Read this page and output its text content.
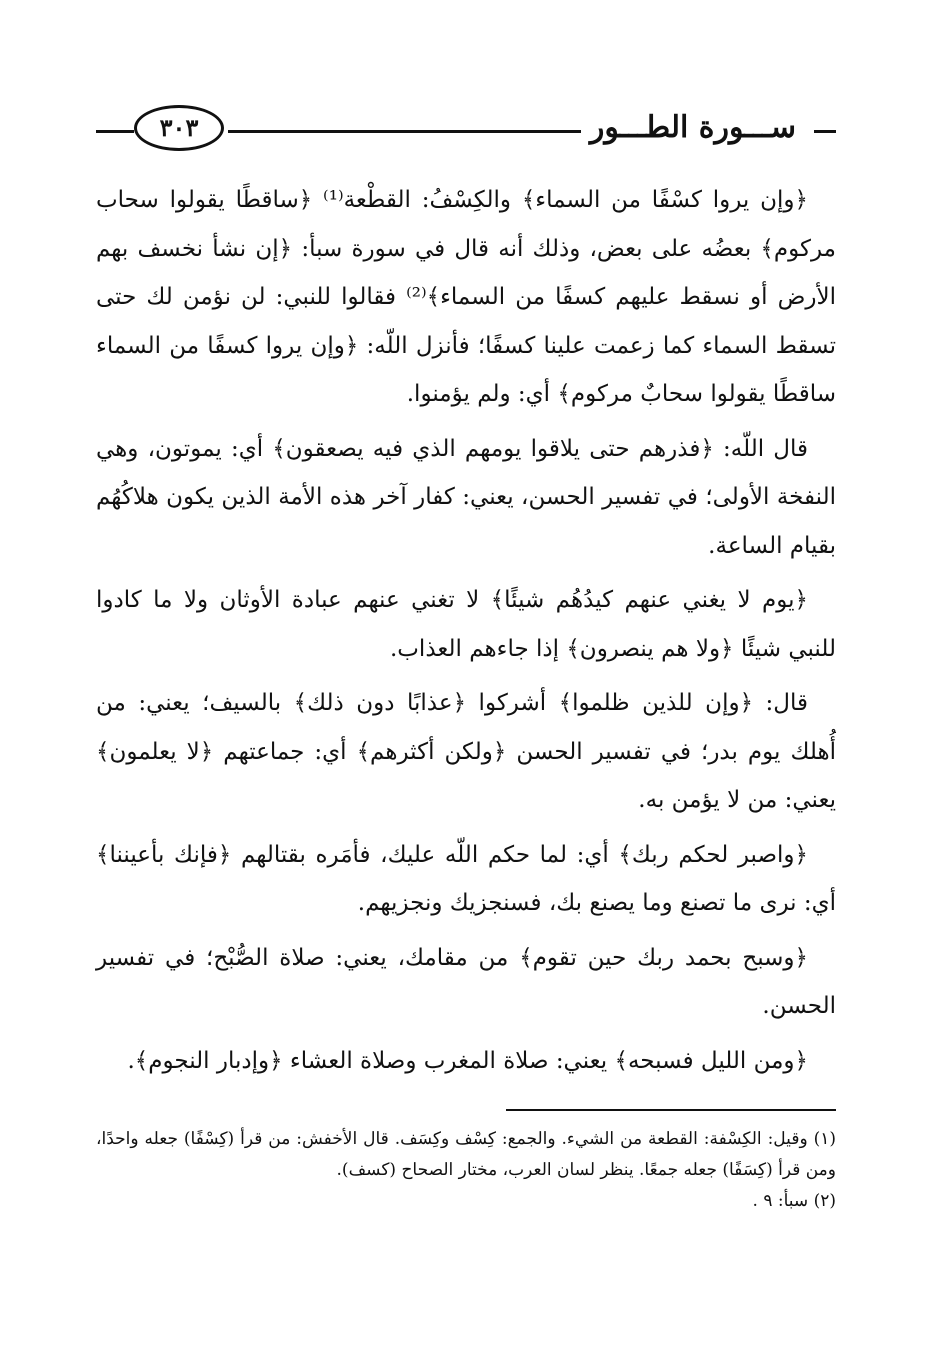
ســـورة الطـــور
٣٠٣

﴿وإن يروا كسْفًا من السماء﴾ والكِسْفُ: القطْعة⁽¹⁾ ﴿ساقطًا يقولوا سحاب مركوم﴾ بعضُه على بعض، وذلك أنه قال في سورة سبأ: ﴿إن نشأ نخسف بهم الأرض أو نسقط عليهم كسفًا من السماء﴾⁽²⁾ فقالوا للنبي: لن نؤمن لك حتى تسقط السماء كما زعمت علينا كسفًا؛ فأنزل اللّه: ﴿وإن يروا كسفًا من السماء ساقطًا يقولوا سحابٌ مركوم﴾ أي: ولم يؤمنوا.

قال اللّه: ﴿فذرهم حتى يلاقوا يومهم الذي فيه يصعقون﴾ أي: يموتون، وهي النفخة الأولى؛ في تفسير الحسن، يعني: كفار آخر هذه الأمة الذين يكون هلاكُهُم بقيام الساعة.

﴿يوم لا يغني عنهم كيدُهُم شيئًا﴾ لا تغني عنهم عبادة الأوثان ولا ما كادوا للنبي شيئًا ﴿ولا هم ينصرون﴾ إذا جاءهم العذاب.

قال: ﴿وإن للذين ظلموا﴾ أشركوا ﴿عذابًا دون ذلك﴾ بالسيف؛ يعني: من أُهلك يوم بدر؛ في تفسير الحسن ﴿ولكن أكثرهم﴾ أي: جماعتهم ﴿لا يعلمون﴾ يعني: من لا يؤمن به.

﴿واصبر لحكم ربك﴾ أي: لما حكم اللّه عليك، فأمَره بقتالهم ﴿فإنك بأعيننا﴾ أي: نرى ما تصنع وما يصنع بك، فسنجزيك ونجزيهم.

﴿وسبح بحمد ربك حين تقوم﴾ من مقامك، يعني: صلاة الصُّبْح؛ في تفسير الحسن.

﴿ومن الليل فسبحه﴾ يعني: صلاة المغرب وصلاة العشاء ﴿وإدبار النجوم﴾.

(١) وقيل: الكِسْفة: القطعة من الشيء. والجمع: كِسْف وكِسَف. قال الأخفش: من قرأ (كِسْفًا) جعله واحدًا، ومن قرأ (كِسَفًا) جعله جمعًا. ينظر لسان العرب، مختار الصحاح (كسف).

(٢) سبأ: ٩ .
